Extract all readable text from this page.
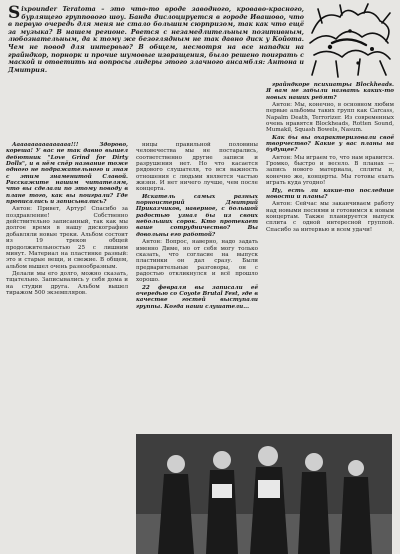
S ixpounder Teratoma – это что-то вроде заводного, кроваво-красного, бурлящего группового шоу. Банда дислоцируется в городе Ивашово, что в первую очередь для меня не стало большим сюрпризом, так как что ещё за музыка? В нашем регионе. Рвется с незамедлительным позитивным, любознательным, да к тому же безоглядным не так давно диск у Койота. Чем не повод для интервью? В общем, несмотря на все нападки на грайндкор, порнорк и прочие шумовые извращения, было решено поиграть с маской и ответить на вопросы лидеры этого злачного ансамбля: Антона и Дмитрия.

Аааааааааааааааа!!! Здорово, кореша! У вас не так давно вышел дебютник "Love Grind for Dirty Dolls", и в нём спёр название тоже одного не подражательного и зная с этим знаменитой Славой. Расскажите нашим читателям, что вы сделали по этому поводу в плане того, как вы поиграли? Где прописались и записывались?

Антон: Привет, Артур! Спасибо за поздравление! Собственно действительно записанный, так как мы долгое время в нашу дискографию добавляли новые треки. Альбом состоит из 19 треков общей продолжительностью 25 с лишним минут. Материал на пластинке разный: это и старые вещи, и свежие. В общем, альбом вышел очень разнообразным.

Делали мы его долго, можно сказать, тщательно. Записывались у себя дома и на студии друга. Альбом вышел тиражом 500 экземпляров.

ницы правильной половины человечества мы не постарались, соответственно другие записи и разрушения нет. Но что касается рядового слушателя, то вся важность отношения с людьми является частью жизни. И нет ничего лучше, чем после концерта.

Искатель самых разных порноистерий Дмитрий Приказчиков, наверное, с большой радостью узнал бы из своих небольших сорок. Кто протекает ваше сотрудничество? Вы довольны его работой?

Антон: Вопрос, наверно, надо задать именно Диме, но от себя могу только сказать, что согласие на выпуск пластинки он дал сразу. Были предварительные разговоры, он с радостью откликнулся и всё прошло хорошо.

22 февраля вы записали её очередью со Coyote Brutal Fest, где в качестве гостей выступали группы. Когда наши слушатели...

грайндкоре психиатры Blockheads. Я вам не забыли назвать каких-то новых наших ребят?

Антон: Мы, конечно, в основном любим первые альбомы таких групп как Carcass, Napalm Death, Terrorizer. Из современных очень нравятся Blockheads, Rotten Sound, Mumakil, Squash Bowels, Nasum.

Как бы вы охарактеризовали своё творчество? Какие у вас планы на будущее?

Антон: Мы играем то, что нам нравится. Громко, быстро и весело. В планах — запись нового материала, сплиты и, конечно же, концерты. Мы готовы ехать играть куда угодно!

Ну, есть ли какие-то последние новости и планы?

Антон: Сейчас мы заканчиваем работу над новыми песнями и готовимся к новым концертам. Также планируется выпуск сплита с одной интересной группой. Спасибо за интервью и всем удачи!
